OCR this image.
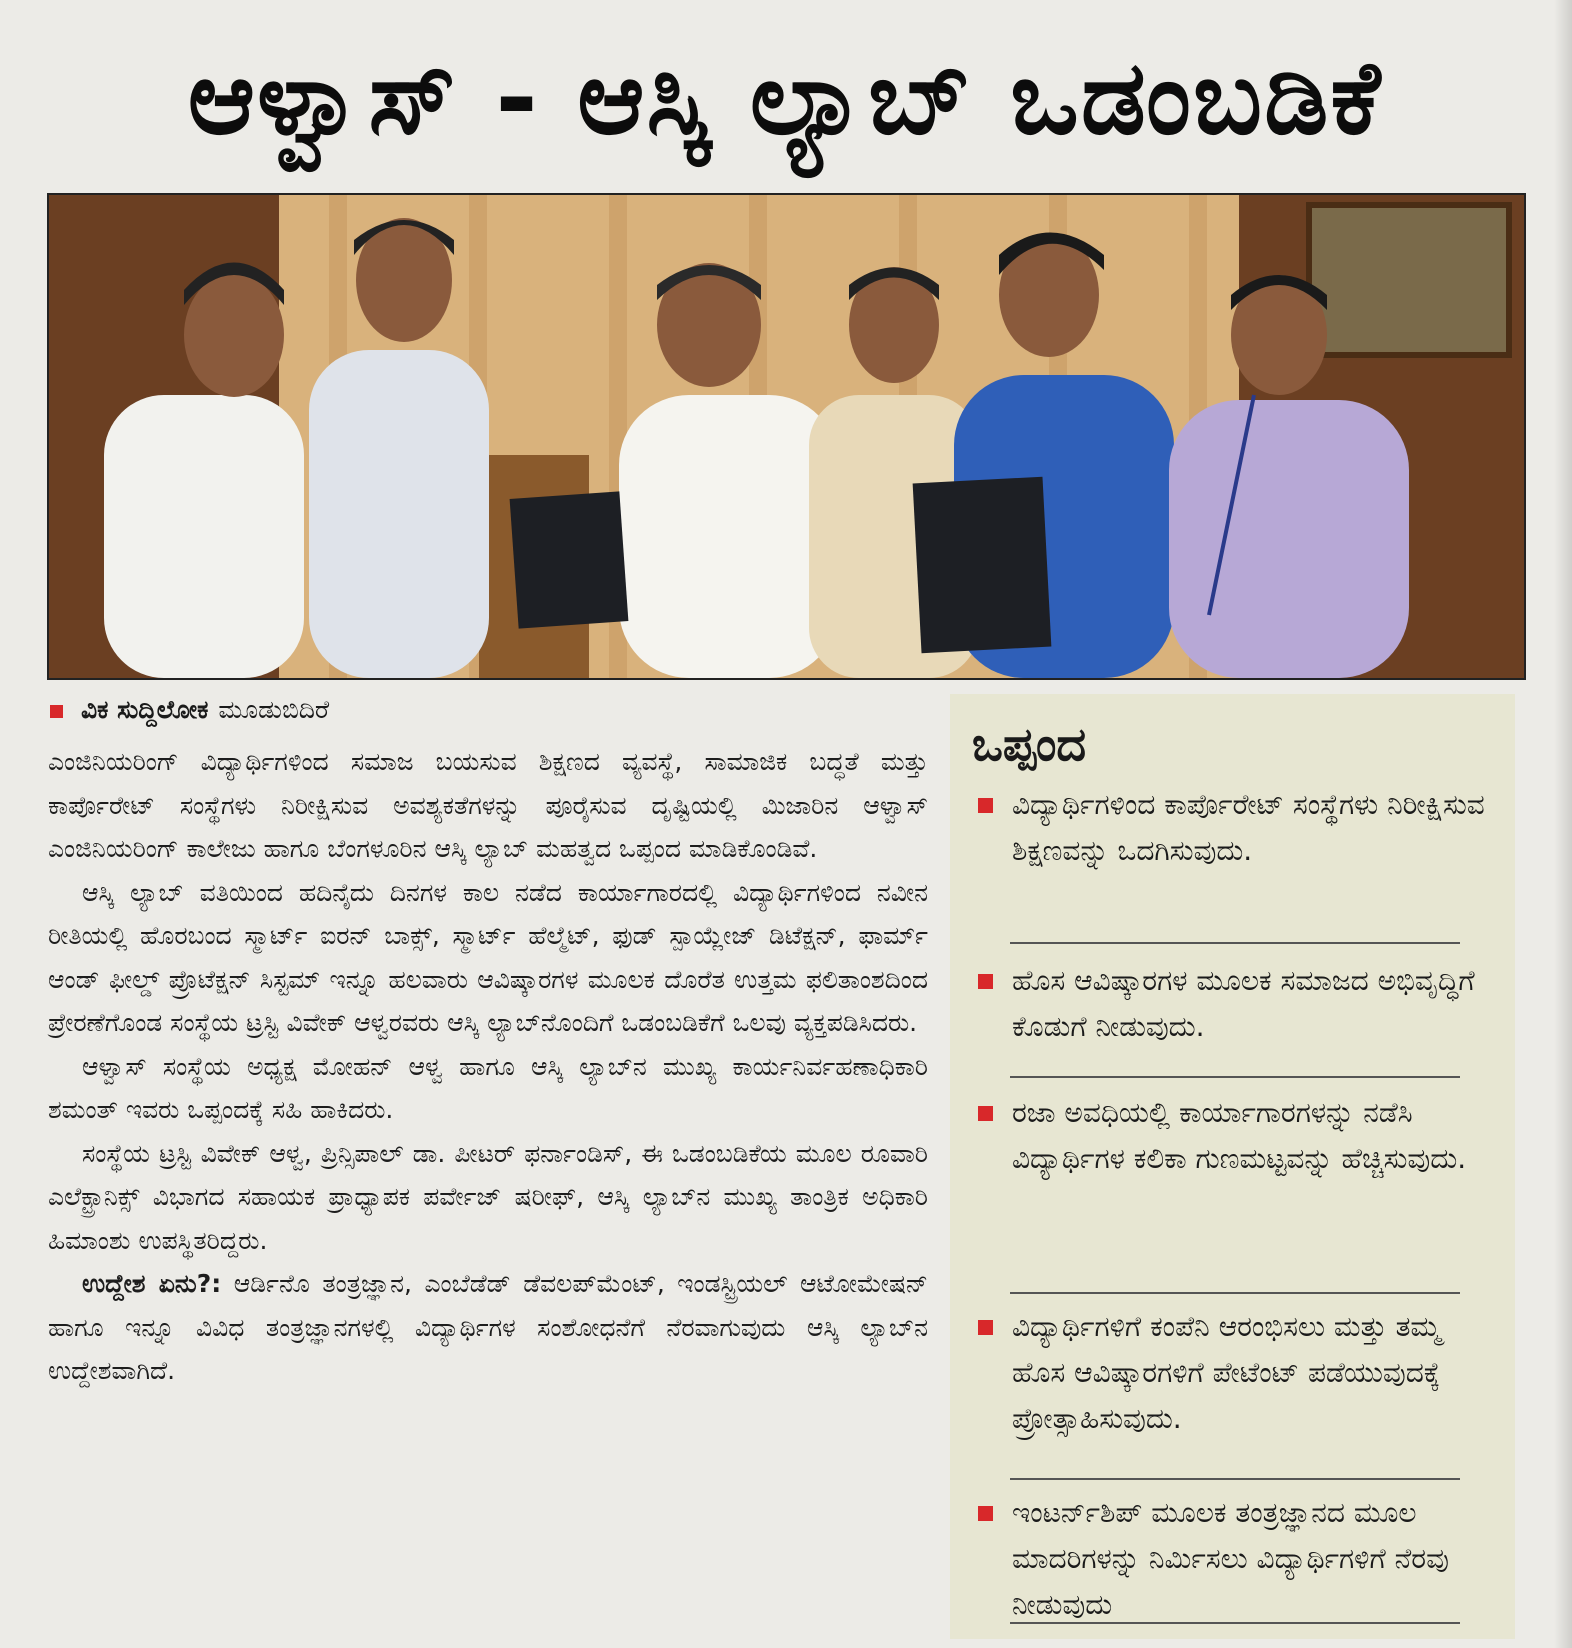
ಆಳ್ವಾಸ್‌ - ಆಸ್ಕಿ ಲ್ಯಾಬ್‌ ಒಡಂಬಡಿಕೆ
ವಿಕ ಸುದ್ದಿಲೋಕ ಮೂಡುಬಿದಿರೆ

ಎಂಜಿನಿಯರಿಂಗ್‌ ವಿದ್ಯಾರ್ಥಿಗಳಿಂದ ಸಮಾಜ ಬಯಸುವ ಶಿಕ್ಷಣದ ವ್ಯವಸ್ಥೆ, ಸಾಮಾಜಿಕ ಬದ್ಧತೆ ಮತ್ತು ಕಾರ್ಪೊರೇಟ್‌ ಸಂಸ್ಥೆಗಳು ನಿರೀಕ್ಷಿಸುವ ಅವಶ್ಯಕತೆಗಳನ್ನು ಪೂರೈಸುವ ದೃಷ್ಟಿಯಲ್ಲಿ ಮಿಜಾರಿನ ಆಳ್ವಾಸ್‌ ಎಂಜಿನಿಯರಿಂಗ್‌ ಕಾಲೇಜು ಹಾಗೂ ಬೆಂಗಳೂರಿನ ಆಸ್ಕಿ ಲ್ಯಾಬ್‌ ಮಹತ್ವದ ಒಪ್ಪಂದ ಮಾಡಿಕೊಂಡಿವೆ.

ಆಸ್ಕಿ ಲ್ಯಾಬ್‌ ವತಿಯಿಂದ ಹದಿನೈದು ದಿನಗಳ ಕಾಲ ನಡೆದ ಕಾರ್ಯಾಗಾರದಲ್ಲಿ ವಿದ್ಯಾರ್ಥಿಗಳಿಂದ ನವೀನ ರೀತಿಯಲ್ಲಿ ಹೊರಬಂದ ಸ್ಮಾರ್ಟ್‌ ಐರನ್‌ ಬಾಕ್ಸ್‌, ಸ್ಮಾರ್ಟ್‌ ಹೆಲ್ಮೆಟ್‌, ಫುಡ್‌ ಸ್ಪಾಯ್ಲೇಜ್‌ ಡಿಟೆಕ್ಷನ್‌, ಫಾರ್ಮ್‌ ಆಂಡ್‌ ಫೀಲ್ಡ್‌ ಪ್ರೊಟೆಕ್ಷನ್‌ ಸಿಸ್ಟಮ್‌ ಇನ್ನೂ ಹಲವಾರು ಆವಿಷ್ಕಾರಗಳ ಮೂಲಕ ದೊರೆತ ಉತ್ತಮ ಫಲಿತಾಂಶದಿಂದ ಪ್ರೇರಣೆಗೊಂಡ ಸಂಸ್ಥೆಯ ಟ್ರಸ್ಟಿ ವಿವೇಕ್‌ ಆಳ್ವರವರು ಆಸ್ಕಿ ಲ್ಯಾಬ್‌ನೊಂದಿಗೆ ಒಡಂಬಡಿಕೆಗೆ ಒಲವು ವ್ಯಕ್ತಪಡಿಸಿದರು.

ಆಳ್ವಾಸ್‌ ಸಂಸ್ಥೆಯ ಅಧ್ಯಕ್ಷ ಮೋಹನ್‌ ಆಳ್ವ ಹಾಗೂ ಆಸ್ಕಿ ಲ್ಯಾಬ್‌ನ ಮುಖ್ಯ ಕಾರ್ಯನಿರ್ವಹಣಾಧಿಕಾರಿ ಶಮಂತ್‌ ಇವರು ಒಪ್ಪಂದಕ್ಕೆ ಸಹಿ ಹಾಕಿದರು.

ಸಂಸ್ಥೆಯ ಟ್ರಸ್ಟಿ ವಿವೇಕ್‌ ಆಳ್ವ, ಪ್ರಿನ್ಸಿಪಾಲ್‌ ಡಾ. ಪೀಟರ್‌ ಫರ್ನಾಂಡಿಸ್‌, ಈ ಒಡಂಬಡಿಕೆಯ ಮೂಲ ರೂವಾರಿ ಎಲೆಕ್ಟ್ರಾನಿಕ್ಸ್‌ ವಿಭಾಗದ ಸಹಾಯಕ ಪ್ರಾಧ್ಯಾಪಕ ಪರ್ವೇಜ್‌ ಷರೀಫ್‌, ಆಸ್ಕಿ ಲ್ಯಾಬ್‌ನ ಮುಖ್ಯ ತಾಂತ್ರಿಕ ಅಧಿಕಾರಿ ಹಿಮಾಂಶು ಉಪಸ್ಥಿತರಿದ್ದರು.

ಉದ್ದೇಶ ಏನು?: ಆರ್ಡಿನೊ ತಂತ್ರಜ್ಞಾನ, ಎಂಬೆಡೆಡ್‌ ಡೆವಲಪ್‌ಮೆಂಟ್‌, ಇಂಡಸ್ಟ್ರಿಯಲ್‌ ಆಟೋಮೇಷನ್‌ ಹಾಗೂ ಇನ್ನೂ ವಿವಿಧ ತಂತ್ರಜ್ಞಾನಗಳಲ್ಲಿ ವಿದ್ಯಾರ್ಥಿಗಳ ಸಂಶೋಧನೆಗೆ ನೆರವಾಗುವುದು ಆಸ್ಕಿ ಲ್ಯಾಬ್‌ನ ಉದ್ದೇಶವಾಗಿದೆ.

ಒಪ್ಪಂದ
ವಿದ್ಯಾರ್ಥಿಗಳಿಂದ ಕಾರ್ಪೊರೇಟ್‌ ಸಂಸ್ಥೆಗಳು ನಿರೀಕ್ಷಿಸುವ ಶಿಕ್ಷಣವನ್ನು ಒದಗಿಸುವುದು.
ಹೊಸ ಆವಿಷ್ಕಾರಗಳ ಮೂಲಕ ಸಮಾಜದ ಅಭಿವೃದ್ಧಿಗೆ ಕೊಡುಗೆ ನೀಡುವುದು.
ರಜಾ ಅವಧಿಯಲ್ಲಿ ಕಾರ್ಯಾಗಾರಗಳನ್ನು ನಡೆಸಿ ವಿದ್ಯಾರ್ಥಿಗಳ ಕಲಿಕಾ ಗುಣಮಟ್ಟವನ್ನು ಹೆಚ್ಚಿಸುವುದು.
ವಿದ್ಯಾರ್ಥಿಗಳಿಗೆ ಕಂಪೆನಿ ಆರಂಭಿಸಲು ಮತ್ತು ತಮ್ಮ ಹೊಸ ಆವಿಷ್ಕಾರಗಳಿಗೆ ಪೇಟೆಂಟ್‌ ಪಡೆಯುವುದಕ್ಕೆ ಪ್ರೋತ್ಸಾಹಿಸುವುದು.
ಇಂಟರ್ನ್‌ಶಿಪ್‌ ಮೂಲಕ ತಂತ್ರಜ್ಞಾನದ ಮೂಲ ಮಾದರಿಗಳನ್ನು ನಿರ್ಮಿಸಲು ವಿದ್ಯಾರ್ಥಿಗಳಿಗೆ ನೆರವು ನೀಡುವುದು
